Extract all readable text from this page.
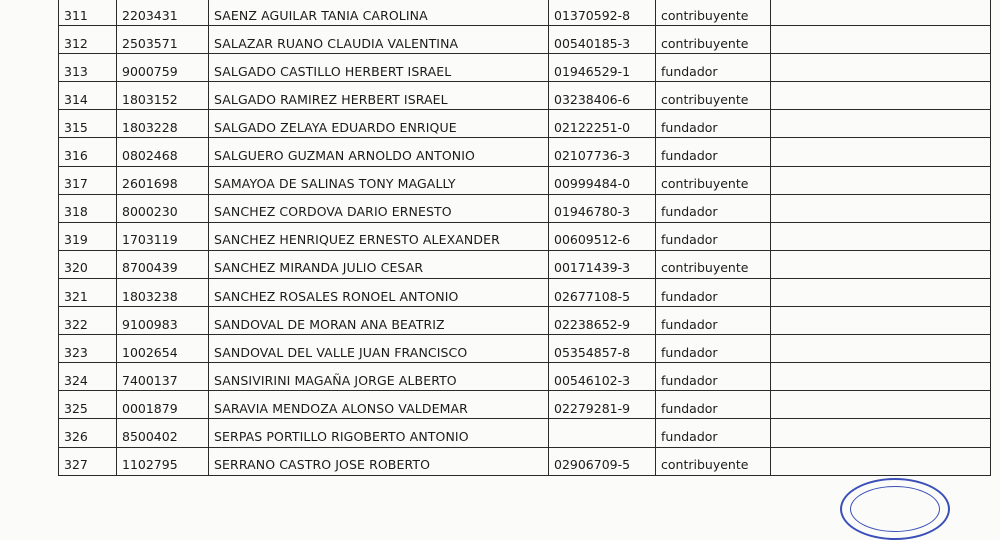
311	2203431	SAENZ AGUILAR TANIA CAROLINA	01370592-8	contribuyente	
312	2503571	SALAZAR RUANO CLAUDIA VALENTINA	00540185-3	contribuyente	
313	9000759	SALGADO CASTILLO HERBERT ISRAEL	01946529-1	fundador	
314	1803152	SALGADO RAMIREZ HERBERT ISRAEL	03238406-6	contribuyente	
315	1803228	SALGADO ZELAYA EDUARDO ENRIQUE	02122251-0	fundador	
316	0802468	SALGUERO GUZMAN ARNOLDO ANTONIO	02107736-3	fundador	
317	2601698	SAMAYOA DE SALINAS TONY MAGALLY	00999484-0	contribuyente	
318	8000230	SANCHEZ CORDOVA DARIO ERNESTO	01946780-3	fundador	
319	1703119	SANCHEZ HENRIQUEZ ERNESTO ALEXANDER	00609512-6	fundador	
320	8700439	SANCHEZ MIRANDA JULIO CESAR	00171439-3	contribuyente	
321	1803238	SANCHEZ ROSALES RONOEL ANTONIO	02677108-5	fundador	
322	9100983	SANDOVAL DE MORAN ANA BEATRIZ	02238652-9	fundador	
323	1002654	SANDOVAL DEL VALLE JUAN FRANCISCO	05354857-8	fundador	
324	7400137	SANSIVIRINI MAGAÑA JORGE ALBERTO	00546102-3	fundador	
325	0001879	SARAVIA MENDOZA ALONSO VALDEMAR	02279281-9	fundador	
326	8500402	SERPAS PORTILLO RIGOBERTO ANTONIO		fundador	
327	1102795	SERRANO CASTRO JOSE ROBERTO	02906709-5	contribuyente	
